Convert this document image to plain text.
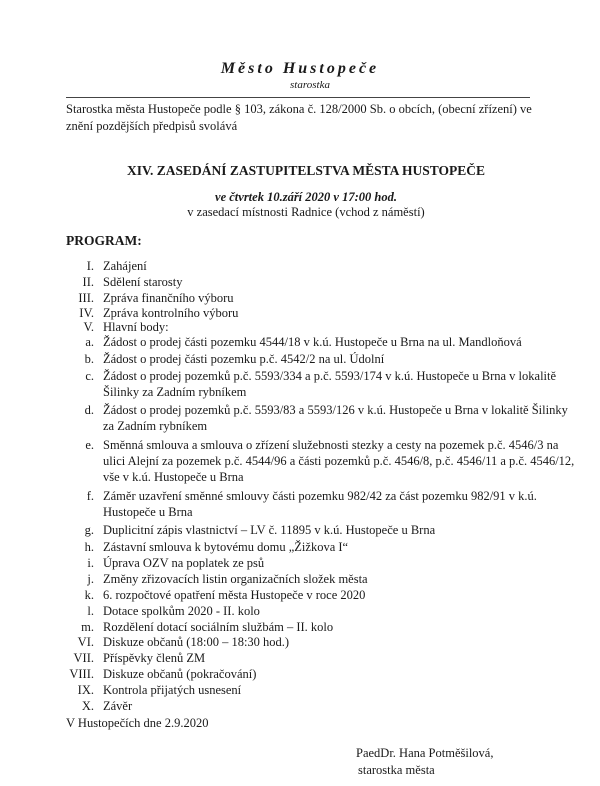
Město Hustopeče
starostka
Starostka města Hustopeče podle § 103, zákona č. 128/2000 Sb. o obcích, (obecní zřízení) ve znění pozdějších předpisů svolává
XIV. ZASEDÁNÍ ZASTUPITELSTVA MĚSTA HUSTOPEČE
ve čtvrtek 10.září 2020 v 17:00 hod.
v zasedací místnosti Radnice (vchod z náměstí)
PROGRAM:
I. Zahájení
II. Sdělení starosty
III. Zpráva finančního výboru
IV. Zpráva kontrolního výboru
V. Hlavní body:
a. Žádost o prodej části pozemku 4544/18 v k.ú. Hustopeče u Brna na ul. Mandloňová
b. Žádost o prodej části pozemku p.č. 4542/2 na ul. Údolní
c. Žádost o prodej pozemků p.č. 5593/334 a p.č. 5593/174 v k.ú. Hustopeče u Brna v lokalitě Šilinky za Zadním rybníkem
d. Žádost o prodej pozemků p.č. 5593/83 a 5593/126 v k.ú. Hustopeče u Brna v lokalitě Šilinky za Zadním rybníkem
e. Směnná smlouva a smlouva o zřízení služebnosti stezky a cesty na pozemek p.č. 4546/3 na ulici Alejní za pozemek p.č. 4544/96 a části pozemků p.č. 4546/8, p.č. 4546/11 a p.č. 4546/12, vše v k.ú. Hustopeče u Brna
f. Záměr uzavření směnné smlouvy části pozemku 982/42 za část pozemku 982/91 v k.ú. Hustopeče u Brna
g. Duplicitní zápis vlastnictví – LV č. 11895 v k.ú. Hustopeče u Brna
h. Zástavní smlouva k bytovému domu „Žižkova I“
i. Úprava OZV na poplatek ze psů
j. Změny zřizovacích listin organizačních složek města
k. 6. rozpočtové opatření města Hustopeče v roce 2020
l. Dotace spolkům 2020 - II. kolo
m. Rozdělení dotací sociálním službám – II. kolo
VI. Diskuze občanů (18:00 – 18:30 hod.)
VII. Příspěvky členů ZM
VIII. Diskuze občanů (pokračování)
IX. Kontrola přijatých usnesení
X. Závěr
V Hustopečích dne 2.9.2020
PaedDr. Hana Potměšilová,
starostka města
